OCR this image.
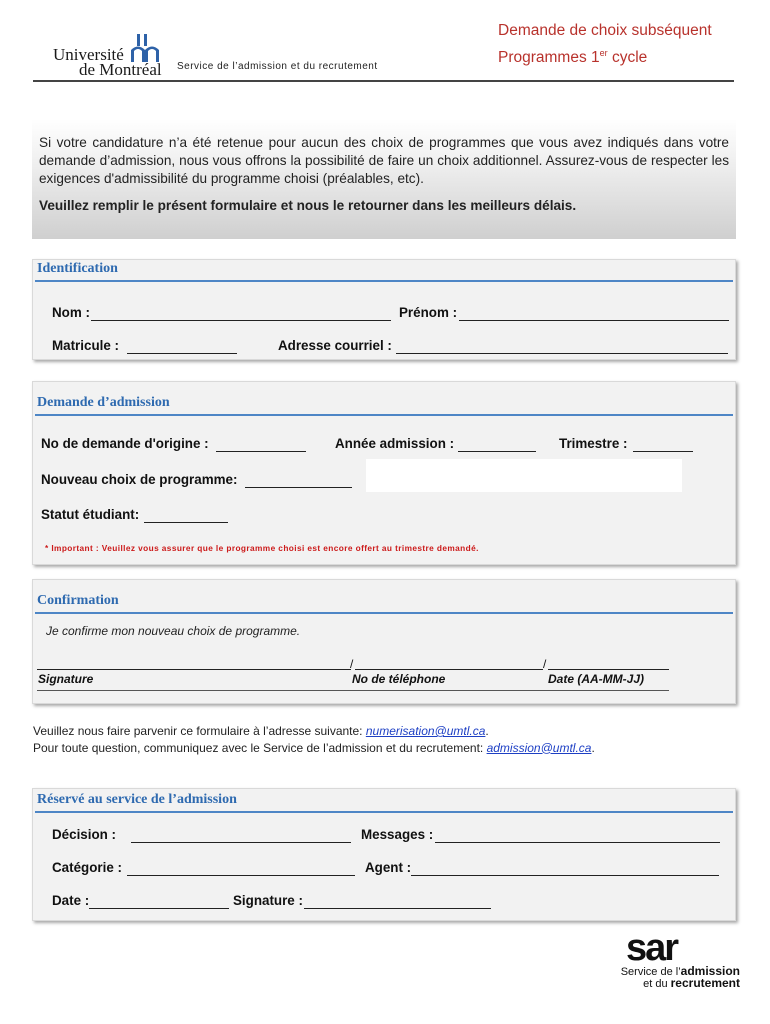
Université
de Montréal Service de l’admission et du recrutement
Demande de choix subséquent
Programmes 1er cycle
Si votre candidature n’a été retenue pour aucun des choix de programmes que vous avez indiqués dans votre demande d’admission, nous vous offrons la possibilité de faire un choix additionnel. Assurez-vous de respecter les exigences d'admissibilité du programme choisi (préalables, etc).
Veuillez remplir le présent formulaire et nous le retourner dans les meilleurs délais.
Identification
Nom :	Prénom :
Matricule :	Adresse courriel :
Demande d’admission
No de demande d'origine :	Année admission :	Trimestre :
Nouveau choix de programme:
Statut étudiant:
* Important : Veuillez vous assurer que le programme choisi est encore offert au trimestre demandé.
Confirmation
Je confirme mon nouveau choix de programme.
/	/
Signature	No de téléphone	Date (AA-MM-JJ)
Veuillez nous faire parvenir ce formulaire à l’adresse suivante: numerisation@umtl.ca.
Pour toute question, communiquez avec le Service de l’admission et du recrutement: admission@umtl.ca.
Réservé au service de l’admission
Décision :	Messages :
Catégorie :	Agent :
Date :	Signature :
sar
Service de l’admission
et du recrutement
